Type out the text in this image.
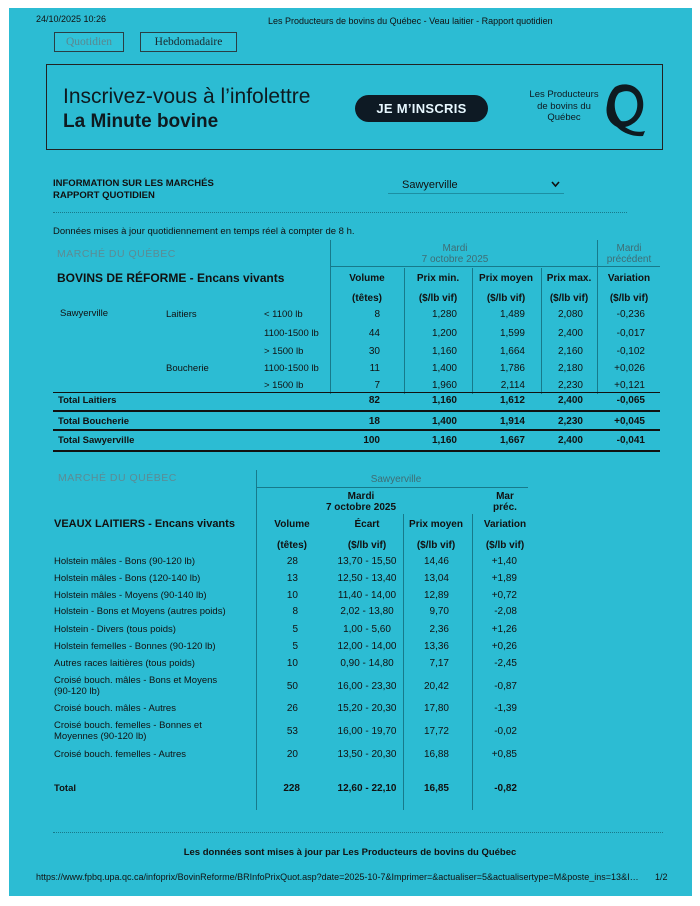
24/10/2025 10:26	Les Producteurs de bovins du Québec - Veau laitier - Rapport quotidien
Quotidien	Hebdomadaire
Inscrivez-vous à l’infolettre
La Minute bovine
JE M’INSCRIS
Les Producteurs
de bovins du
Québec
INFORMATION SUR LES MARCHÉS
RAPPORT QUOTIDIEN
Sawyerville
Données mises à jour quotidiennement en temps réel à compter de 8 h.
MARCHÉ DU QUÉBEC	Mardi
7 octobre 2025
Mardi
précédent
BOVINS DE RÉFORME - Encans vivants	Volume
(têtes)
Prix min.
($/lb vif)
Prix moyen
($/lb vif)
Prix max.
($/lb vif)
Variation
($/lb vif)
Sawyerville	Laitiers	< 1100 lb	8	1,280	1,489	2,080	-0,236
1100-1500 lb	44	1,200	1,599	2,400	-0,017
> 1500 lb	30	1,160	1,664	2,160	-0,102
Boucherie	1100-1500 lb	11	1,400	1,786	2,180	+0,026
> 1500 lb	7	1,960	2,114	2,230	+0,121
Total Laitiers	82	1,160	1,612	2,400	-0,065
Total Boucherie	18	1,400	1,914	2,230	+0,045
Total Sawyerville	100	1,160	1,667	2,400	-0,041
MARCHÉ DU QUÉBEC	Sawyerville
Mardi
7 octobre 2025
Mar
préc.
VEAUX LAITIERS - Encans vivants	Volume
(têtes)
Écart
($/lb vif)
Prix moyen
($/lb vif)
Variation
($/lb vif)
Holstein mâles - Bons (90-120 lb)	28	13,70 - 15,50	14,46	+1,40
Holstein mâles - Bons (120-140 lb)	13	12,50 - 13,40	13,04	+1,89
Holstein mâles - Moyens (90-140 lb)	10	11,40 - 14,00	12,89	+0,72
Holstein - Bons et Moyens (autres poids)	8	2,02 - 13,80	9,70	-2,08
Holstein - Divers (tous poids)	5	1,00 - 5,60	2,36	+1,26
Holstein femelles - Bonnes (90-120 lb)	5	12,00 - 14,00	13,36	+0,26
Autres races laitières (tous poids)	10	0,90 - 14,80	7,17	-2,45
Croisé bouch. mâles - Bons et Moyens
(90-120 lb)	50	16,00 - 23,30	20,42	-0,87
Croisé bouch. mâles - Autres	26	15,20 - 20,30	17,80	-1,39
Croisé bouch. femelles - Bonnes et
Moyennes (90-120 lb)	53	16,00 - 19,70	17,72	-0,02
Croisé bouch. femelles - Autres	20	13,50 - 20,30	16,88	+0,85
Total	228	12,60 - 22,10	16,85	-0,82
Les données sont mises à jour par Les Producteurs de bovins du Québec
https://www.fpbq.upa.qc.ca/infoprix/BovinReforme/BRInfoPrixQuot.asp?date=2025-10-7&Imprimer=&actualiser=5&actualisertype=M&poste_ins=13&I…	1/2
